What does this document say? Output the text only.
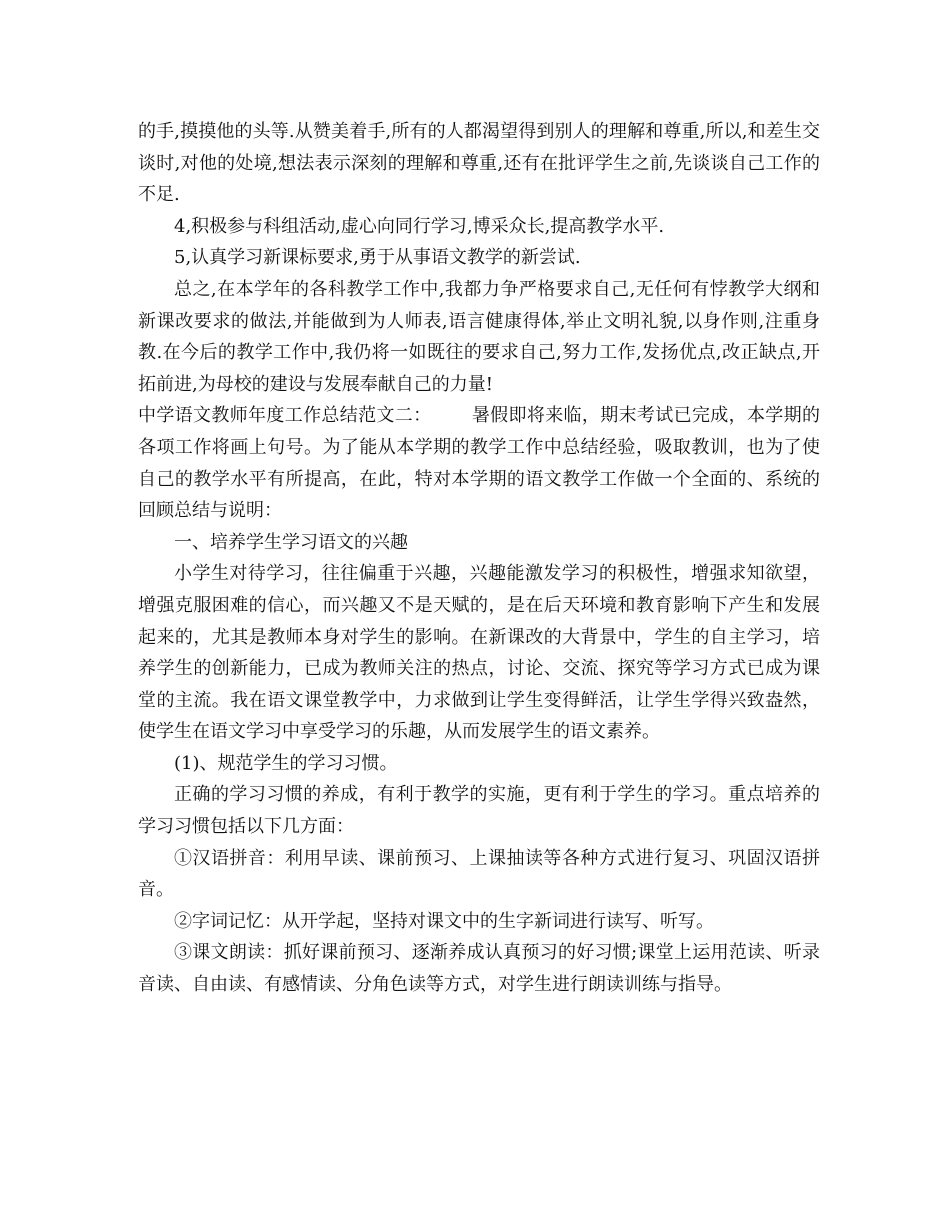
的手,摸摸他的头等.从赞美着手,所有的人都渴望得到别人的理解和尊重,所以,和差生交谈时,对他的处境,想法表示深刻的理解和尊重,还有在批评学生之前,先谈谈自己工作的不足.

4,积极参与科组活动,虚心向同行学习,博采众长,提高教学水平.

5,认真学习新课标要求,勇于从事语文教学的新尝试.

总之,在本学年的各科教学工作中,我都力争严格要求自己,无任何有悖教学大纲和新课改要求的做法,并能做到为人师表,语言健康得体,举止文明礼貌,以身作则,注重身教.在今后的教学工作中,我仍将一如既往的要求自己,努力工作,发扬优点,改正缺点,开拓前进,为母校的建设与发展奉献自己的力量!

中学语文教师年度工作总结范文二： 暑假即将来临，期末考试已完成，本学期的各项工作将画上句号。为了能从本学期的教学工作中总结经验，吸取教训，也为了使自己的教学水平有所提高，在此，特对本学期的语文教学工作做一个全面的、系统的回顾总结与说明：

一、培养学生学习语文的兴趣

小学生对待学习，往往偏重于兴趣，兴趣能激发学习的积极性，增强求知欲望，增强克服困难的信心，而兴趣又不是天赋的，是在后天环境和教育影响下产生和发展起来的，尤其是教师本身对学生的影响。在新课改的大背景中，学生的自主学习，培养学生的创新能力，已成为教师关注的热点，讨论、交流、探究等学习方式已成为课堂的主流。我在语文课堂教学中，力求做到让学生变得鲜活，让学生学得兴致盎然，使学生在语文学习中享受学习的乐趣，从而发展学生的语文素养。

(1)、规范学生的学习习惯。

正确的学习习惯的养成，有利于教学的实施，更有利于学生的学习。重点培养的学习习惯包括以下几方面：

①汉语拼音：利用早读、课前预习、上课抽读等各种方式进行复习、巩固汉语拼音。

②字词记忆：从开学起，坚持对课文中的生字新词进行读写、听写。

③课文朗读：抓好课前预习、逐渐养成认真预习的好习惯;课堂上运用范读、听录音读、自由读、有感情读、分角色读等方式，对学生进行朗读训练与指导。
